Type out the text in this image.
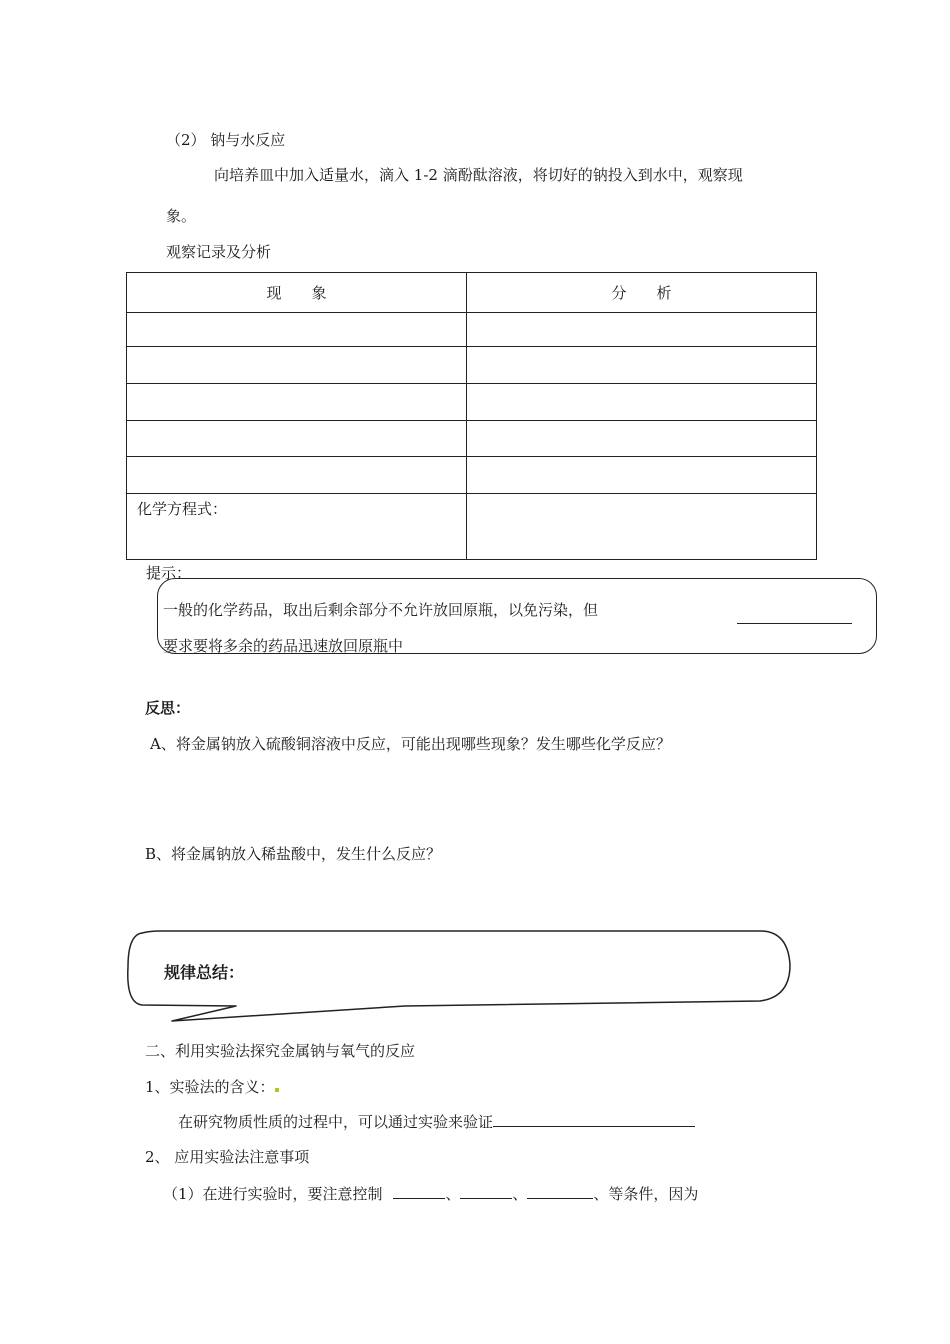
（2） 钠与水反应
向培养皿中加入适量水，滴入 1-2 滴酚酞溶液，将切好的钠投入到水中，观察现
象。
观察记录及分析
现　　象	分　　析

化学方程式：	
提示：
一般的化学药品，取出后剩余部分不允许放回原瓶，以免污染，但
要求要将多余的药品迅速放回原瓶中
反思：
A、将金属钠放入硫酸铜溶液中反应，可能出现哪些现象？发生哪些化学反应？
B、将金属钠放入稀盐酸中，发生什么反应？
规律总结：
二、利用实验法探究金属钠与氧气的反应
1、实验法的含义：
在研究物质性质的过程中，可以通过实验来验证
2、 应用实验法注意事项
（1）在进行实验时，要注意控制	、	、	、等条件，因为
